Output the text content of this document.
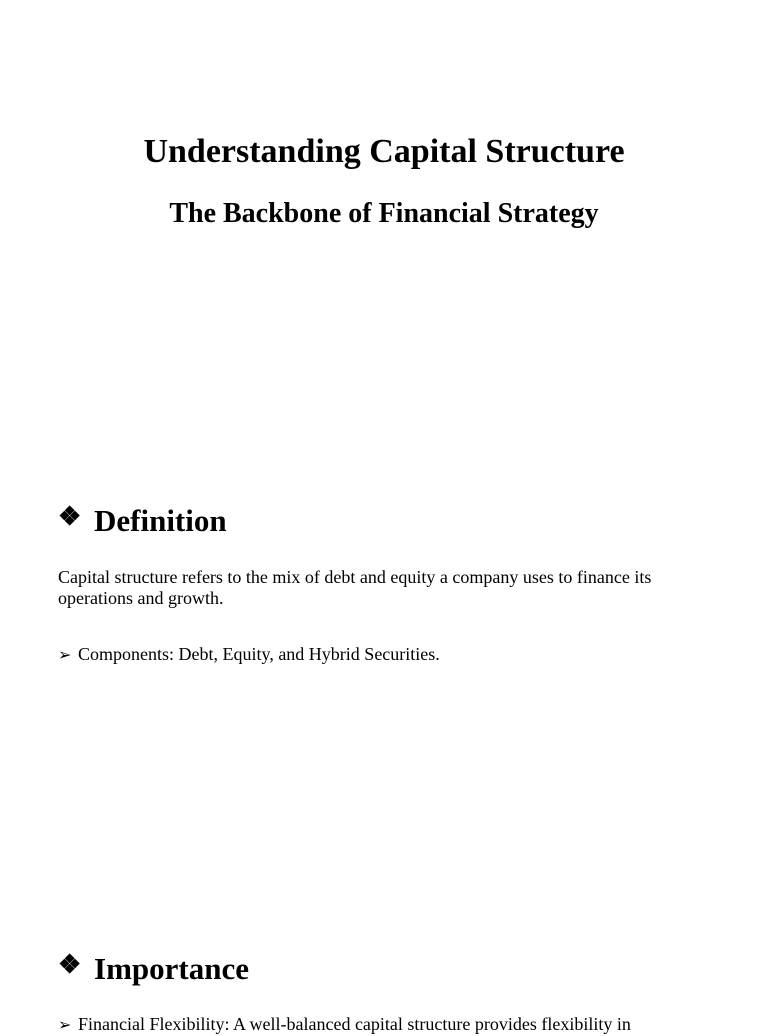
Understanding Capital Structure
The Backbone of Financial Strategy
❖ Definition

Capital structure refers to the mix of debt and equity a company uses to finance its operations and growth.

➢ Components: Debt, Equity, and Hybrid Securities.

❖ Importance

➢ Financial Flexibility: A well-balanced capital structure provides flexibility in
